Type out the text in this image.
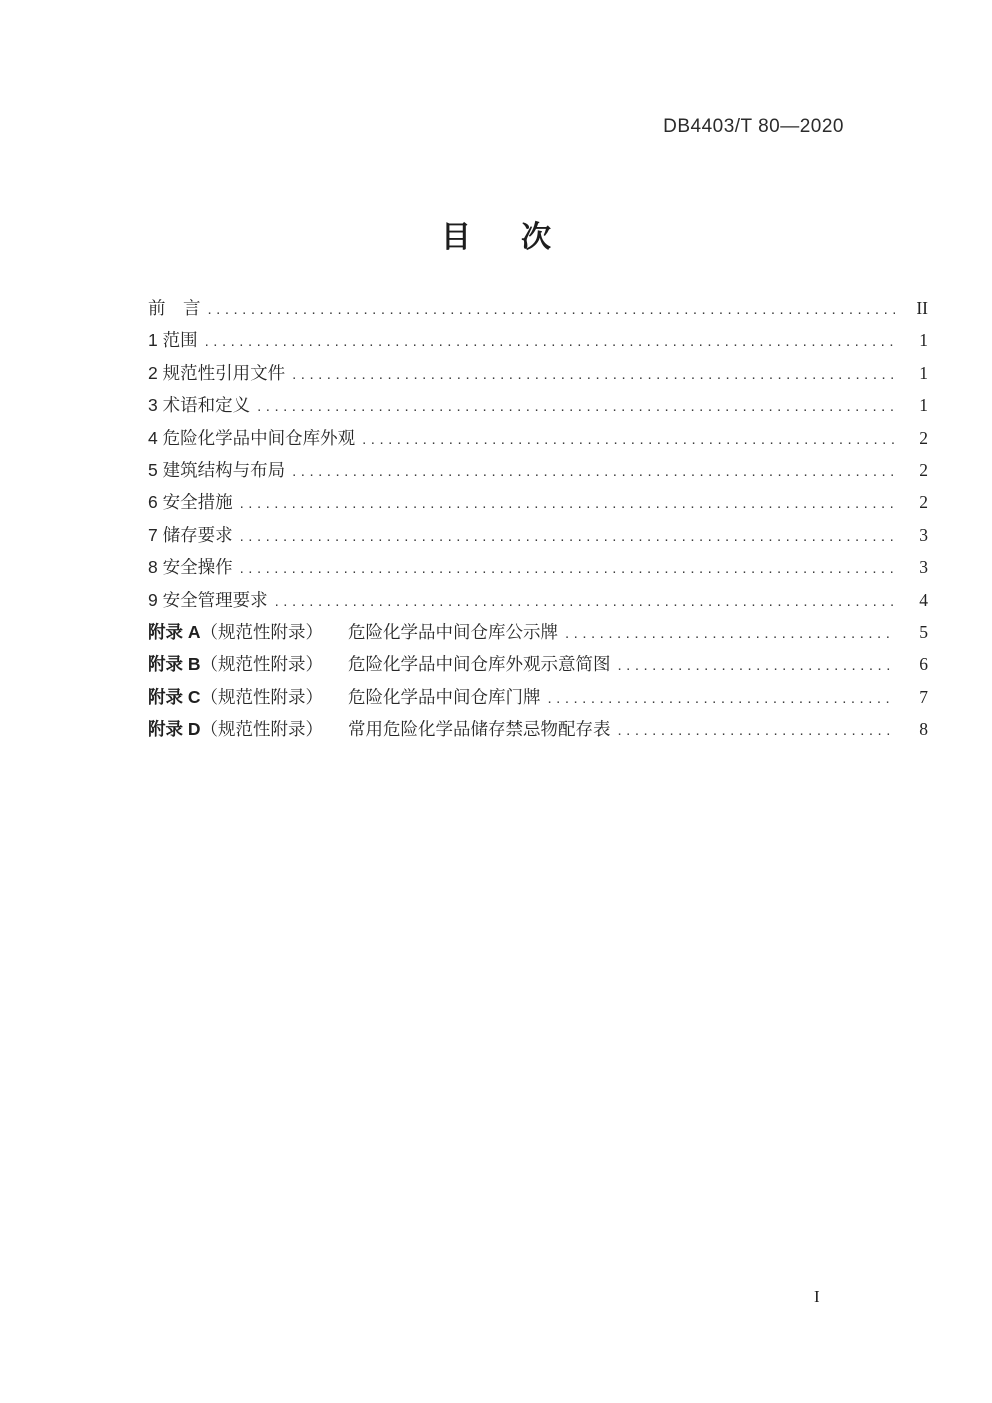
DB4403/T 80—2020
目　次
前　言 .....	II
1 范围 .....	1
2 规范性引用文件 .....	1
3 术语和定义 .....	1
4 危险化学品中间仓库外观 .....	2
5 建筑结构与布局 .....	2
6 安全措施 .....	2
7 储存要求 .....	3
8 安全操作 .....	3
9 安全管理要求 .....	4
附录 A （规范性附录） 危险化学品中间仓库公示牌 .....	5
附录 B （规范性附录） 危险化学品中间仓库外观示意简图 .....	6
附录 C （规范性附录） 危险化学品中间仓库门牌 .....	7
附录 D （规范性附录） 常用危险化学品储存禁忌物配存表 .....	8
I
